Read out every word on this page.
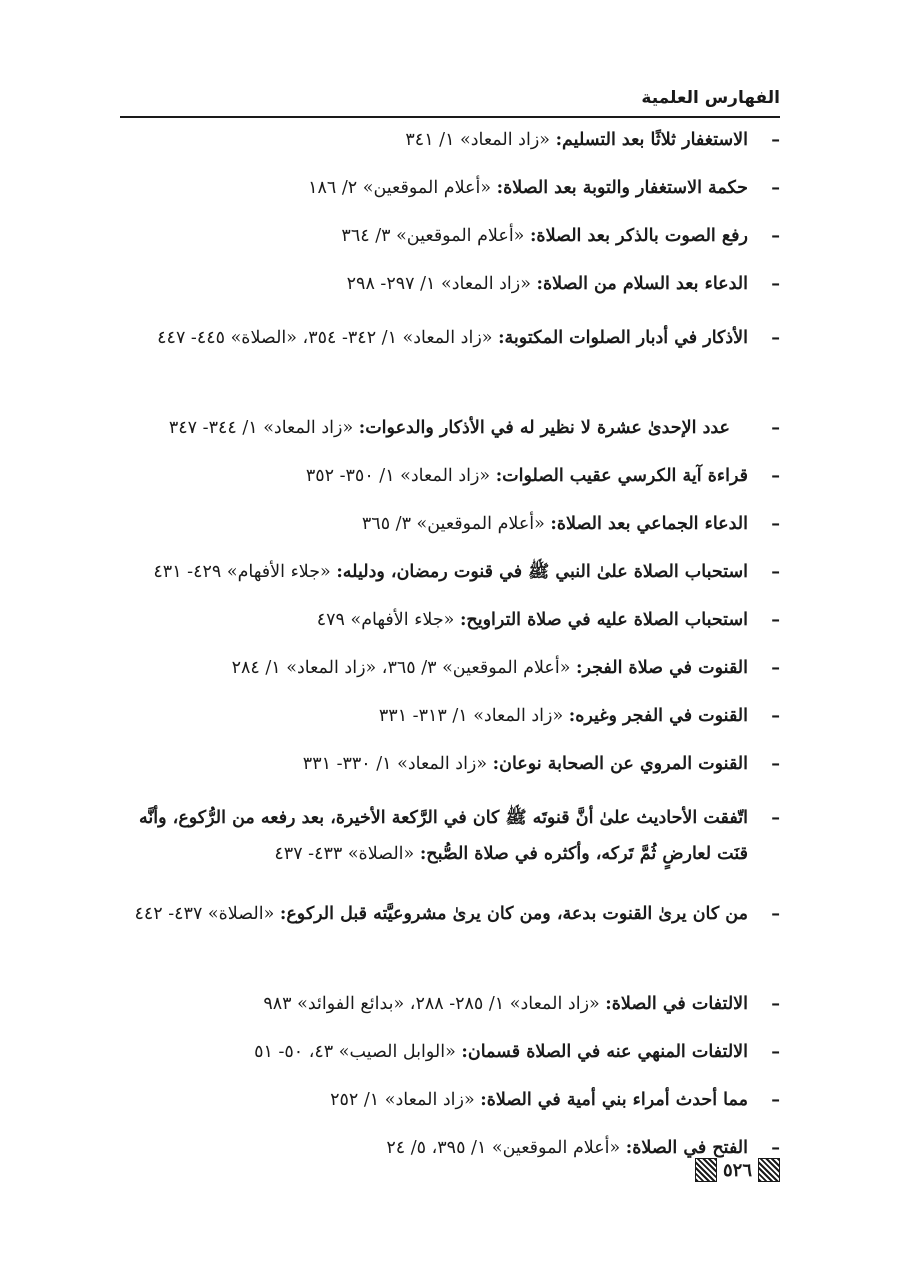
الفهارس العلمية
–
الاستغفار ثلاثًا بعد التسليم: «زاد المعاد» ١/ ٣٤١
–
حكمة الاستغفار والتوبة بعد الصلاة: «أعلام الموقعين» ٢/ ١٨٦
–
رفع الصوت بالذكر بعد الصلاة: «أعلام الموقعين» ٣/ ٣٦٤
–
الدعاء بعد السلام من الصلاة: «زاد المعاد» ١/ ٢٩٧- ٢٩٨
–
الأذكار في أدبار الصلوات المكتوبة: «زاد المعاد» ١/ ٣٤٢- ٣٥٤، «الصلاة» ٤٤٥- ٤٤٧
–
عدد الإحدىٰ عشرة لا نظير له في الأذكار والدعوات: «زاد المعاد» ١/ ٣٤٤- ٣٤٧
–
قراءة آية الكرسي عقيب الصلوات: «زاد المعاد» ١/ ٣٥٠- ٣٥٢
–
الدعاء الجماعي بعد الصلاة: «أعلام الموقعين» ٣/ ٣٦٥
–
استحباب الصلاة علىٰ النبي ﷺ في قنوت رمضان، ودليله: «جلاء الأفهام» ٤٢٩- ٤٣١
–
استحباب الصلاة عليه في صلاة التراويح: «جلاء الأفهام» ٤٧٩
–
القنوت في صلاة الفجر: «أعلام الموقعين» ٣/ ٣٦٥، «زاد المعاد» ١/ ٢٨٤
–
القنوت في الفجر وغيره: «زاد المعاد» ١/ ٣١٣- ٣٣١
–
القنوت المروي عن الصحابة نوعان: «زاد المعاد» ١/ ٣٣٠- ٣٣١
–
اتّفقت الأحاديث علىٰ أنَّ قنوتَه ﷺ كان في الرَّكعة الأخيرة، بعد رفعه من الرُّكوع، وأنَّه قنَت لعارضٍ ثُمَّ تَركه، وأكثره في صلاة الصُّبح: «الصلاة» ٤٣٣- ٤٣٧
–
من كان يرىٰ القنوت بدعة، ومن كان يرىٰ مشروعيَّته قبل الركوع: «الصلاة» ٤٣٧- ٤٤٢
–
الالتفات في الصلاة: «زاد المعاد» ١/ ٢٨٥- ٢٨٨، «بدائع الفوائد» ٩٨٣
–
الالتفات المنهي عنه في الصلاة قسمان: «الوابل الصيب» ٤٣، ٥٠- ٥١
–
مما أحدث أمراء بني أمية في الصلاة: «زاد المعاد» ١/ ٢٥٢
–
الفتح في الصلاة: «أعلام الموقعين» ١/ ٣٩٥، ٥/ ٢٤
٥٢٦
